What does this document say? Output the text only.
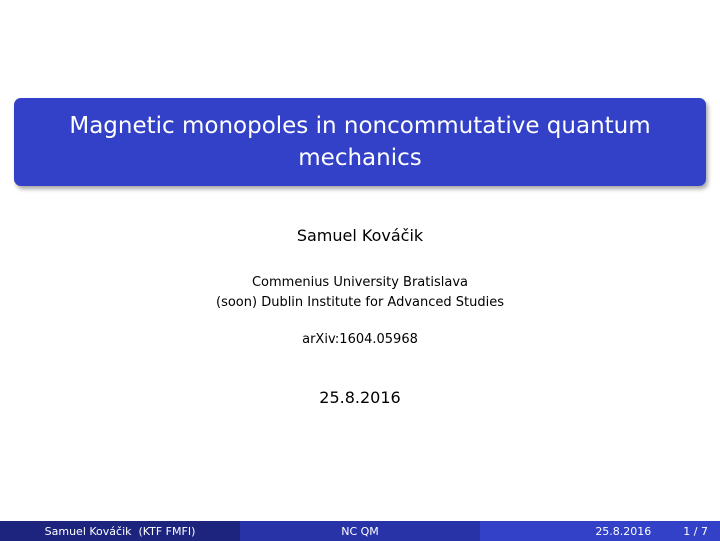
Magnetic monopoles in noncommutative quantum mechanics
Samuel Kováčik
Commenius University Bratislava
(soon) Dublin Institute for Advanced Studies
arXiv:1604.05968
25.8.2016
Samuel Kováčik  (KTF FMFI)	NC QM	25.8.2016	1 / 7
